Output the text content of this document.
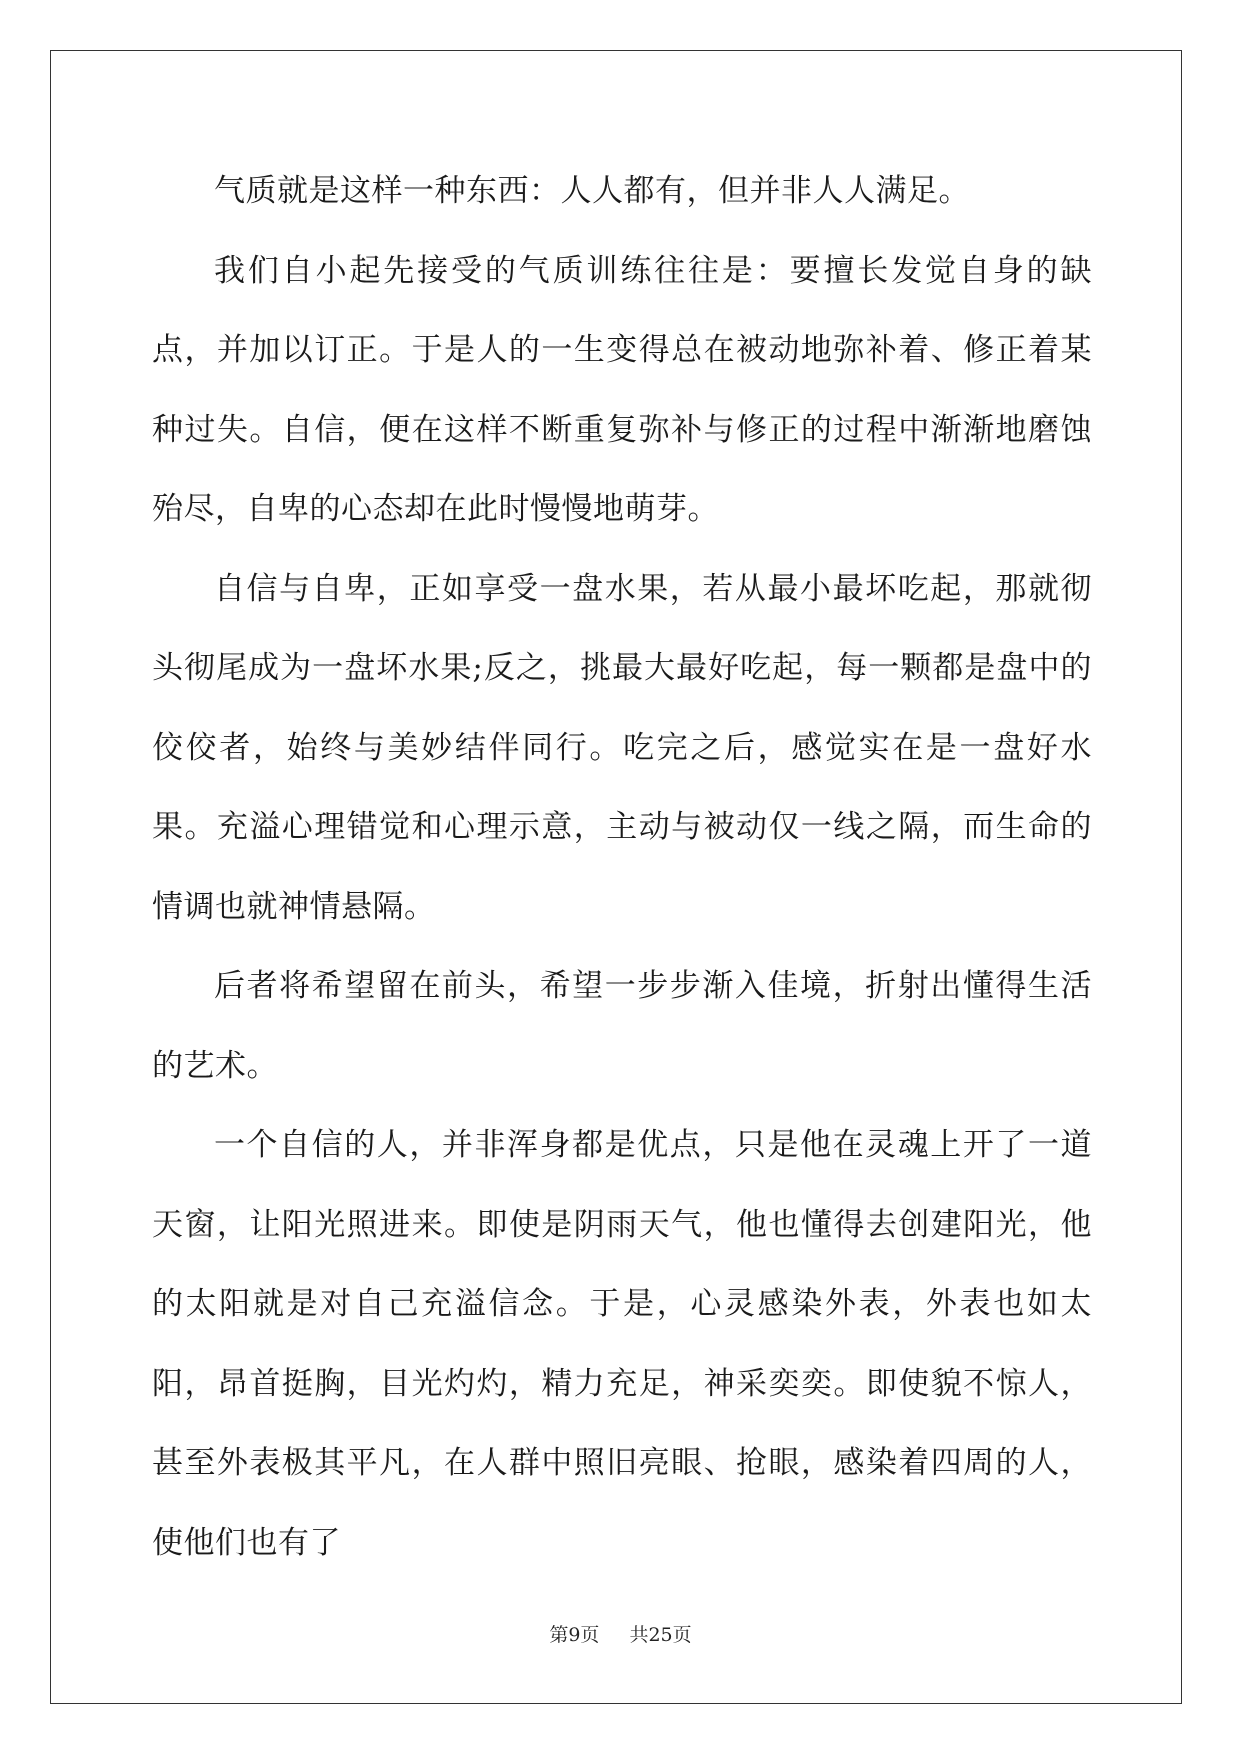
气质就是这样一种东西：人人都有，但并非人人满足。

我们自小起先接受的气质训练往往是：要擅长发觉自身的缺点，并加以订正。于是人的一生变得总在被动地弥补着、修正着某种过失。自信，便在这样不断重复弥补与修正的过程中渐渐地磨蚀殆尽，自卑的心态却在此时慢慢地萌芽。

自信与自卑，正如享受一盘水果，若从最小最坏吃起，那就彻头彻尾成为一盘坏水果;反之，挑最大最好吃起，每一颗都是盘中的佼佼者，始终与美妙结伴同行。吃完之后，感觉实在是一盘好水果。充溢心理错觉和心理示意，主动与被动仅一线之隔，而生命的情调也就神情悬隔。

后者将希望留在前头，希望一步步渐入佳境，折射出懂得生活的艺术。

一个自信的人，并非浑身都是优点，只是他在灵魂上开了一道天窗，让阳光照进来。即使是阴雨天气，他也懂得去创建阳光，他的太阳就是对自己充溢信念。于是，心灵感染外表，外表也如太阳，昂首挺胸，目光灼灼，精力充足，神采奕奕。即使貌不惊人，甚至外表极其平凡，在人群中照旧亮眼、抢眼，感染着四周的人，使他们也有了

第9页 共25页
